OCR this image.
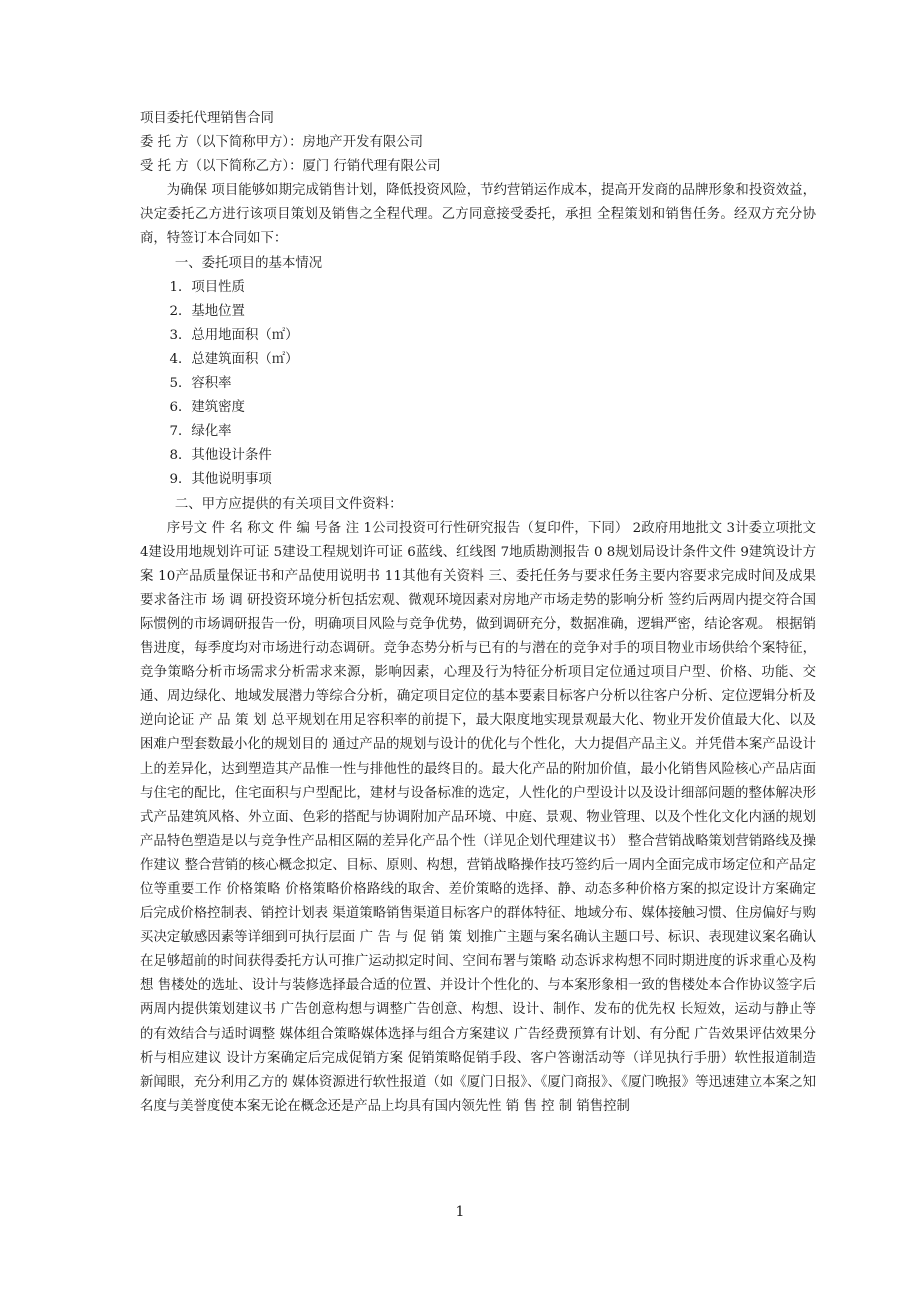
项目委托代理销售合同

委 托 方（以下简称甲方）：房地产开发有限公司

受 托 方（以下简称乙方）：厦门 行销代理有限公司

为确保 项目能够如期完成销售计划，降低投资风险，节约营销运作成本，提高开发商的品牌形象和投资效益，决定委托乙方进行该项目策划及销售之全程代理。乙方同意接受委托，承担 全程策划和销售任务。经双方充分协商，特签订本合同如下：

一、委托项目的基本情况

1．项目性质

2．基地位置

3．总用地面积（㎡）

4．总建筑面积（㎡）

5．容积率

6．建筑密度

7．绿化率

8．其他设计条件

9．其他说明事项

二、甲方应提供的有关项目文件资料：

序号文 件 名 称文 件 编 号备 注 1公司投资可行性研究报告（复印件，下同） 2政府用地批文 3计委立项批文 4建设用地规划许可证 5建设工程规划许可证 6蓝线、红线图 7地质勘测报告 0 8规划局设计条件文件 9建筑设计方案 10产品质量保证书和产品使用说明书 11其他有关资料 三、委托任务与要求任务主要内容要求完成时间及成果要求备注市 场 调 研投资环境分析包括宏观、微观环境因素对房地产市场走势的影响分析 签约后两周内提交符合国际惯例的市场调研报告一份，明确项目风险与竞争优势，做到调研充分，数据准确，逻辑严密，结论客观。 根据销售进度，每季度均对市场进行动态调研。竞争态势分析与已有的与潜在的竞争对手的项目物业市场供给个案特征，竞争策略分析市场需求分析需求来源，影响因素，心理及行为特征分析项目定位通过项目户型、价格、功能、交通、周边绿化、地域发展潜力等综合分析，确定项目定位的基本要素目标客户分析以往客户分析、定位逻辑分析及逆向论证 产 品 策 划 总平规划在用足容积率的前提下，最大限度地实现景观最大化、物业开发价值最大化、以及困难户型套数最小化的规划目的 通过产品的规划与设计的优化与个性化，大力提倡产品主义。并凭借本案产品设计上的差异化，达到塑造其产品惟一性与排他性的最终目的。最大化产品的附加价值，最小化销售风险核心产品店面与住宅的配比，住宅面积与户型配比，建材与设备标准的选定，人性化的户型设计以及设计细部问题的整体解决形式产品建筑风格、外立面、色彩的搭配与协调附加产品环境、中庭、景观、物业管理、以及个性化文化内涵的规划产品特色塑造是以与竞争性产品相区隔的差异化产品个性（详见企划代理建议书） 整合营销战略策划营销路线及操作建议 整合营销的核心概念拟定、目标、原则、构想，营销战略操作技巧签约后一周内全面完成市场定位和产品定位等重要工作 价格策略 价格策略价格路线的取舍、差价策略的选择、静、动态多种价格方案的拟定设计方案确定后完成价格控制表、销控计划表 渠道策略销售渠道目标客户的群体特征、地域分布、媒体接触习惯、住房偏好与购买决定敏感因素等详细到可执行层面 广 告 与 促 销 策 划推广主题与案名确认主题口号、标识、表现建议案名确认在足够超前的时间获得委托方认可推广运动拟定时间、空间布署与策略 动态诉求构想不同时期进度的诉求重心及构想 售楼处的选址、设计与装修选择最合适的位置、并设计个性化的、与本案形象相一致的售楼处本合作协议签字后两周内提供策划建议书 广告创意构想与调整广告创意、构想、设计、制作、发布的优先权 长短效，运动与静止等的有效结合与适时调整 媒体组合策略媒体选择与组合方案建议 广告经费预算有计划、有分配 广告效果评估效果分析与相应建议 设计方案确定后完成促销方案 促销策略促销手段、客户答谢活动等（详见执行手册）软性报道制造新闻眼，充分利用乙方的 媒体资源进行软性报道（如《厦门日报》、《厦门商报》、《厦门晚报》等迅速建立本案之知名度与美誉度使本案无论在概念还是产品上均具有国内领先性 销 售 控 制 销售控制

1
